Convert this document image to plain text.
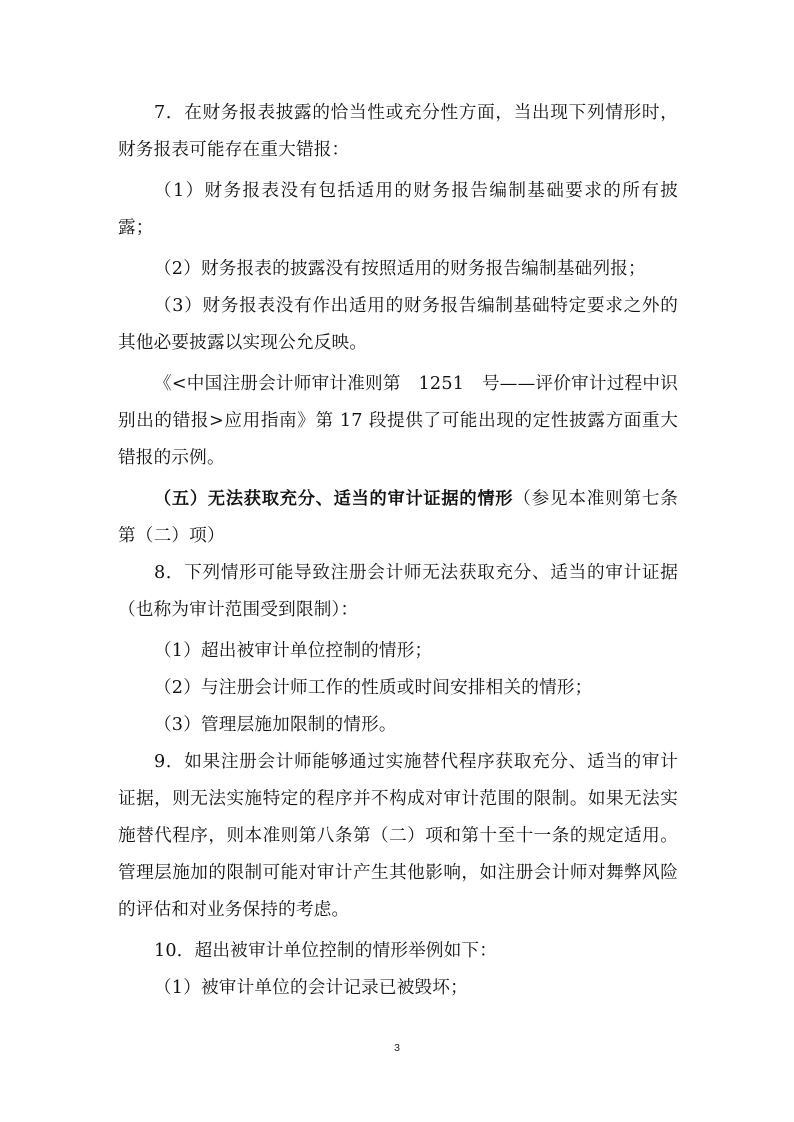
7．在财务报表披露的恰当性或充分性方面，当出现下列情形时，财务报表可能存在重大错报：

（1）财务报表没有包括适用的财务报告编制基础要求的所有披露；

（2）财务报表的披露没有按照适用的财务报告编制基础列报；

（3）财务报表没有作出适用的财务报告编制基础特定要求之外的其他必要披露以实现公允反映。

《<中国注册会计师审计准则第　1251　号——评价审计过程中识别出的错报>应用指南》第 17 段提供了可能出现的定性披露方面重大错报的示例。

（五）无法获取充分、适当的审计证据的情形（参见本准则第七条第（二）项）

8．下列情形可能导致注册会计师无法获取充分、适当的审计证据（也称为审计范围受到限制）：

（1）超出被审计单位控制的情形；

（2）与注册会计师工作的性质或时间安排相关的情形；

（3）管理层施加限制的情形。

9．如果注册会计师能够通过实施替代程序获取充分、适当的审计证据，则无法实施特定的程序并不构成对审计范围的限制。如果无法实施替代程序，则本准则第八条第（二）项和第十至十一条的规定适用。管理层施加的限制可能对审计产生其他影响，如注册会计师对舞弊风险的评估和对业务保持的考虑。

10．超出被审计单位控制的情形举例如下：

（1）被审计单位的会计记录已被毁坏；

3
